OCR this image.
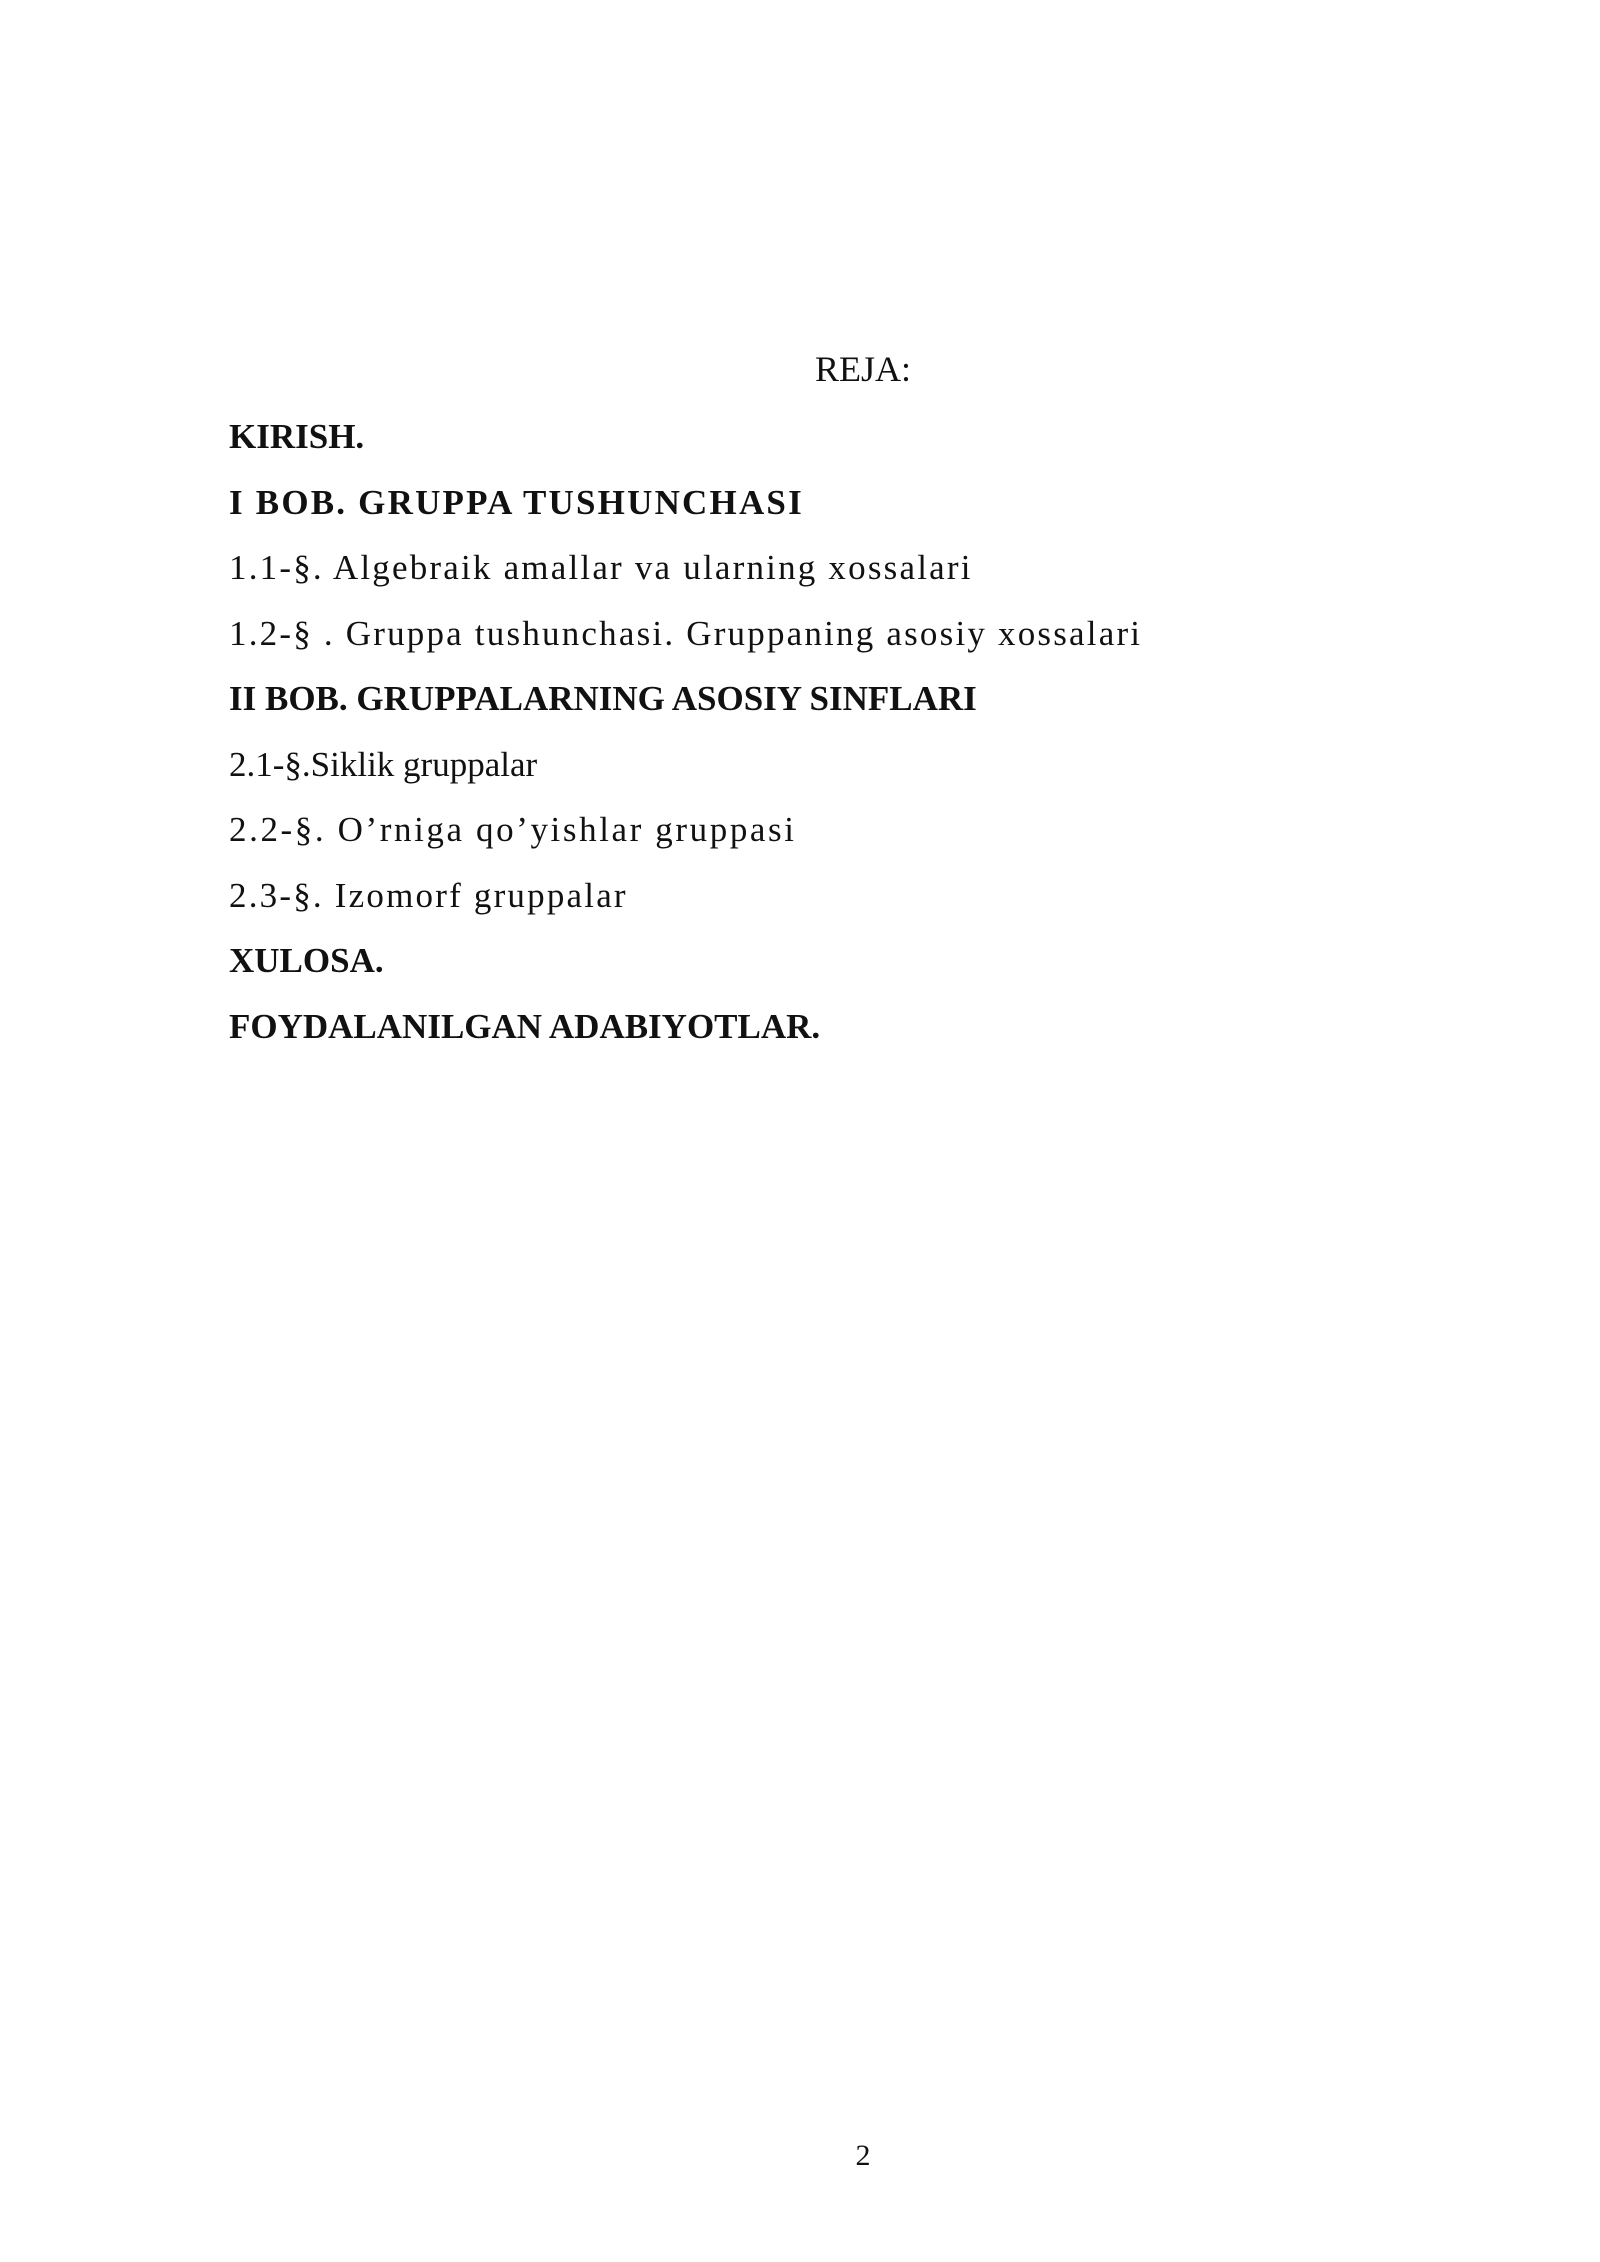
REJA:
KIRISH.
I BOB. GRUPPA TUSHUNCHASI
1.1-§. Algebraik amallar va ularning xossalari
1.2-§ . Gruppa tushunchasi. Gruppaning asosiy xossalari
II BOB. GRUPPALARNING ASOSIY SINFLARI
2.1-§.Siklik gruppalar
2.2-§. O’rniga qo’yishlar gruppasi
2.3-§. Izomorf gruppalar
XULOSA.
FOYDALANILGAN ADABIYOTLAR.
2
